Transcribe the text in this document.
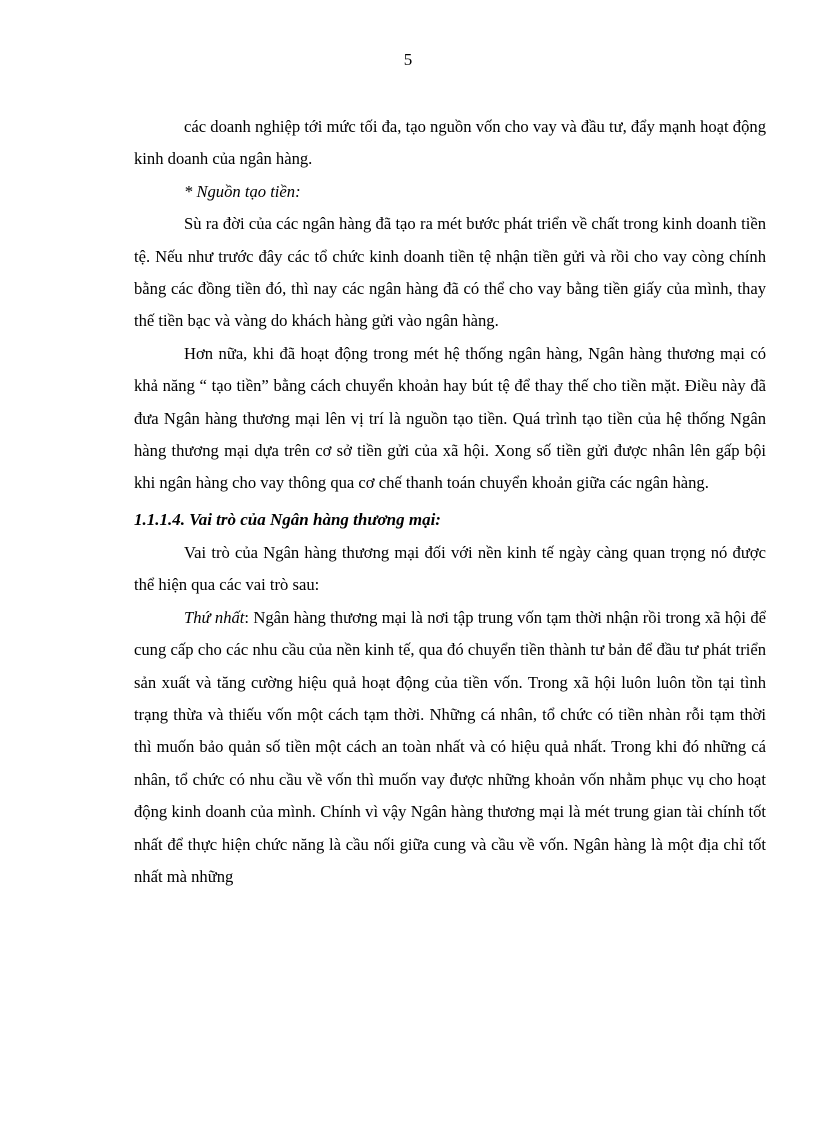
5

các doanh nghiệp tới mức tối đa, tạo nguồn vốn cho vay và đầu tư, đẩy mạnh hoạt động kinh doanh của ngân hàng.

* Nguồn tạo tiền:

Sù ra đời của các ngân hàng đã tạo ra mét bước phát triển về chất trong kinh doanh tiền tệ. Nếu như trước đây các tổ chức kinh doanh tiền tệ nhận tiền gửi và rồi cho vay còng chính bằng các đồng tiền đó, thì nay các ngân hàng đã có thể cho vay bằng tiền giấy của mình, thay thế tiền bạc và vàng do khách hàng gửi vào ngân hàng.

Hơn nữa, khi đã hoạt động trong mét hệ thống ngân hàng, Ngân hàng thương mại có khả năng “ tạo tiền” bằng cách chuyển khoản hay bút tệ để thay thế cho tiền mặt. Điều này đã đưa Ngân hàng thương mại lên vị trí là nguồn tạo tiền. Quá trình tạo tiền của hệ thống Ngân hàng thương mại dựa trên cơ sở tiền gửi của xã hội. Xong số tiền gửi được nhân lên gấp bội khi ngân hàng cho vay thông qua cơ chế thanh toán chuyển khoản giữa các ngân hàng.

1.1.1.4. Vai trò của Ngân hàng thương mại:

Vai trò của Ngân hàng thương mại đối với nền kinh tế ngày càng quan trọng nó được thể hiện qua các vai trò sau:

Thứ nhất: Ngân hàng thương mại là nơi tập trung vốn tạm thời nhận rồi trong xã hội để cung cấp cho các nhu cầu của nền kinh tế, qua đó chuyển tiền thành tư bản để đầu tư phát triển sản xuất và tăng cường hiệu quả hoạt động của tiền vốn. Trong xã hội luôn luôn tồn tại tình trạng thừa và thiếu vốn một cách tạm thời. Những cá nhân, tổ chức có tiền nhàn rỗi tạm thời thì muốn bảo quản số tiền một cách an toàn nhất và có hiệu quả nhất. Trong khi đó những cá nhân, tổ chức có nhu cầu về vốn thì muốn vay được những khoản vốn nhằm phục vụ cho hoạt động kinh doanh của mình. Chính vì vậy Ngân hàng thương mại là mét trung gian tài chính tốt nhất để thực hiện chức năng là cầu nối giữa cung và cầu về vốn. Ngân hàng là một địa chỉ tốt nhất mà những
